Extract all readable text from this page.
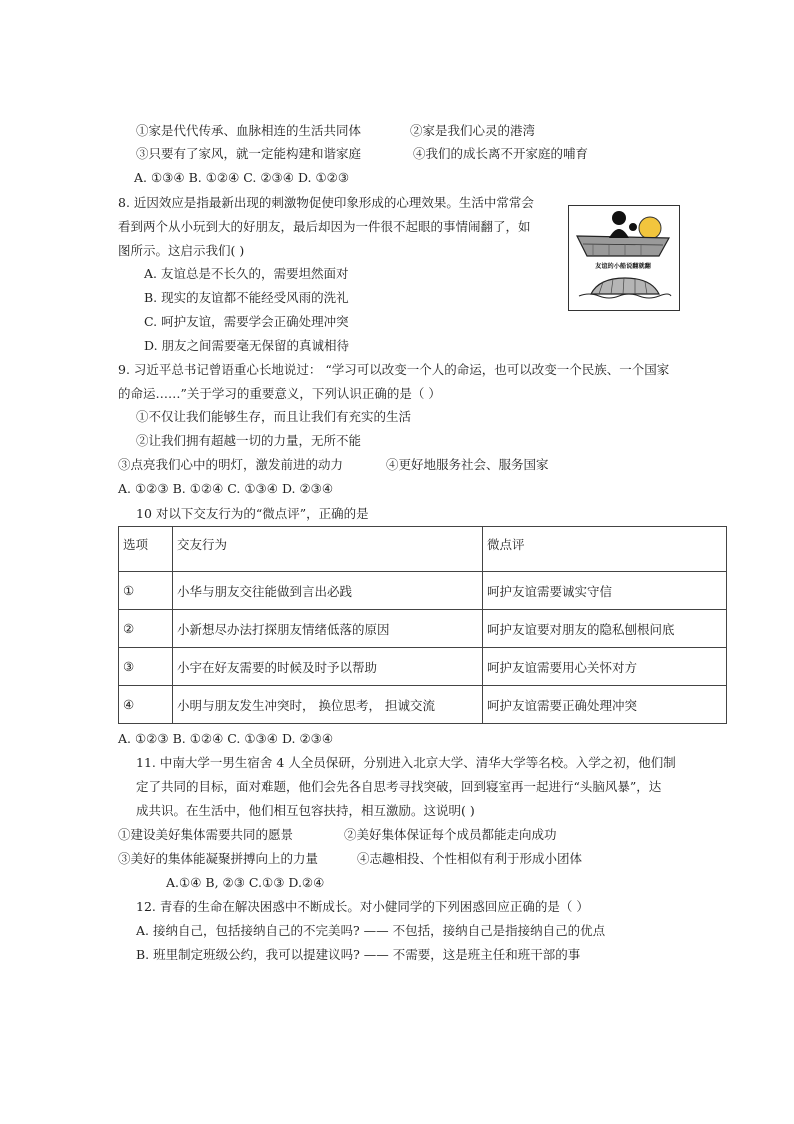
①家是代代传承、血脉相连的生活共同体	②家是我们心灵的港湾
③只要有了家风，就一定能构建和谐家庭	④我们的成长离不开家庭的哺育
A. ①③④ B. ①②④ C. ②③④ D. ①②③
8. 近因效应是指最新出现的刺激物促使印象形成的心理效果。生活中常常会
看到两个从小玩到大的好朋友，最后却因为一件很不起眼的事情闹翻了，如
图所示。这启示我们( )
A. 友谊总是不长久的，需要坦然面对
B. 现实的友谊都不能经受风雨的洗礼
C. 呵护友谊，需要学会正确处理冲突
D. 朋友之间需要毫无保留的真诚相待
友谊的小船说翻就翻
9. 习近平总书记曾语重心长地说过： “学习可以改变一个人的命运，也可以改变一个民族、一个国家
的命运……”关于学习的重要意义，下列认识正确的是（ ）
①不仅让我们能够生存，而且让我们有充实的生活
②让我们拥有超越一切的力量，无所不能
③点亮我们心中的明灯，激发前进的动力	④更好地服务社会、服务国家
A. ①②③ B. ①②④ C. ①③④ D. ②③④
10 对以下交友行为的“微点评”，正确的是
选项	交友行为	微点评
①	小华与朋友交往能做到言出必践	呵护友谊需要诚实守信
②	小新想尽办法打探朋友情绪低落的原因	呵护友谊要对朋友的隐私刨根问底
③	小宇在好友需要的时候及时予以帮助	呵护友谊需要用心关怀对方
④	小明与朋友发生冲突时， 换位思考， 担诚交流	呵护友谊需要正确处理冲突
A. ①②③ B. ①②④ C. ①③④ D. ②③④
11. 中南大学一男生宿舍 4 人全员保研，分别进入北京大学、清华大学等名校。入学之初，他们制
定了共同的目标，面对难题，他们会先各自思考寻找突破，回到寝室再一起进行“头脑风暴”，达
成共识。在生活中，他们相互包容扶持，相互激励。这说明( )
①建设美好集体需要共同的愿景	②美好集体保证每个成员都能走向成功
③美好的集体能凝聚拼搏向上的力量	④志趣相投、个性相似有利于形成小团体
A.①④ B, ②③ C.①③ D.②④
12. 青春的生命在解决困惑中不断成长。对小健同学的下列困惑回应正确的是（ ）
A. 接纳自己，包括接纳自己的不完美吗? —— 不包括，接纳自己是指接纳自己的优点
B. 班里制定班级公约，我可以提建议吗? —— 不需要，这是班主任和班干部的事
